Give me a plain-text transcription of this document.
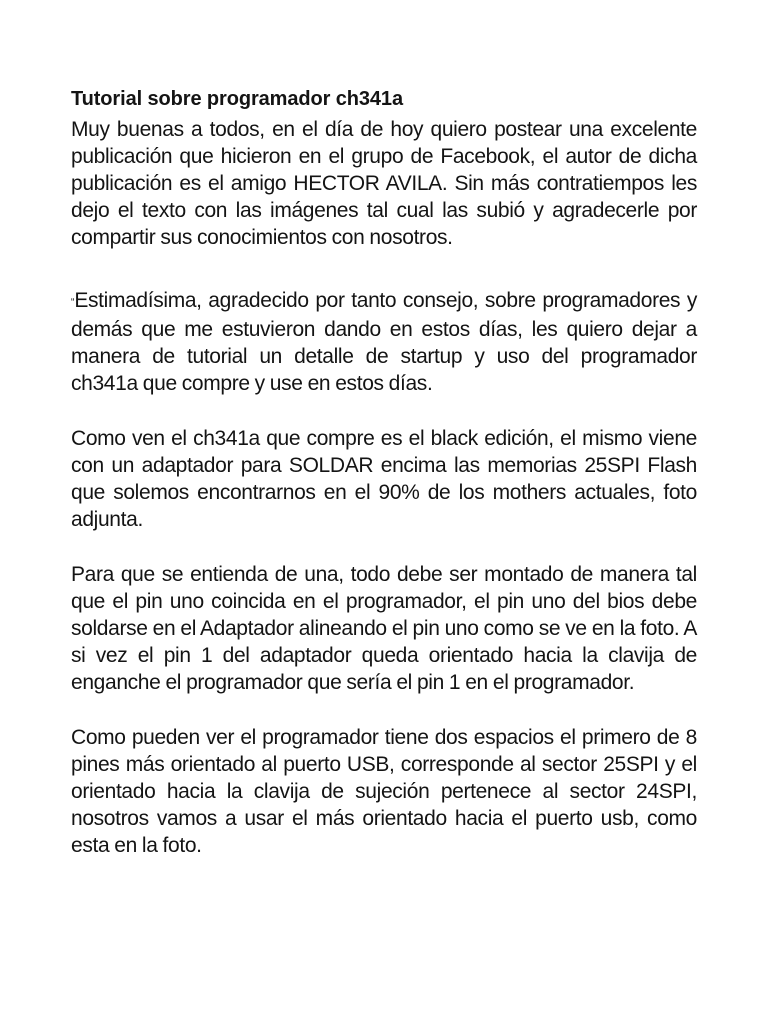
Tutorial sobre programador ch341a

Muy buenas a todos, en el día de hoy quiero postear una excelente publicación que hicieron en el grupo de Facebook, el autor de dicha publicación es el amigo HECTOR AVILA. Sin más contratiempos les dejo el texto con las imágenes tal cual las subió y agradecerle por compartir sus conocimientos con nosotros.

“Estimadísima, agradecido por tanto consejo, sobre programadores y demás que me estuvieron dando en estos días, les quiero dejar a manera de tutorial un detalle de startup y uso del programador ch341a que compre y use en estos días.

Como ven el ch341a que compre es el black edición, el mismo viene con un adaptador para SOLDAR encima las memorias 25SPI Flash que solemos encontrarnos en el 90% de los mothers actuales, foto adjunta.

Para que se entienda de una, todo debe ser montado de manera tal que el pin uno coincida en el programador, el pin uno del bios debe soldarse en el Adaptador alineando el pin uno como se ve en la foto. A si vez el pin 1 del adaptador queda orientado hacia la clavija de enganche el programador que sería el pin 1 en el programador.

Como pueden ver el programador tiene dos espacios el primero de 8 pines más orientado al puerto USB, corresponde al sector 25SPI y el orientado hacia la clavija de sujeción pertenece al sector 24SPI, nosotros vamos a usar el más orientado hacia el puerto usb, como esta en la foto.
